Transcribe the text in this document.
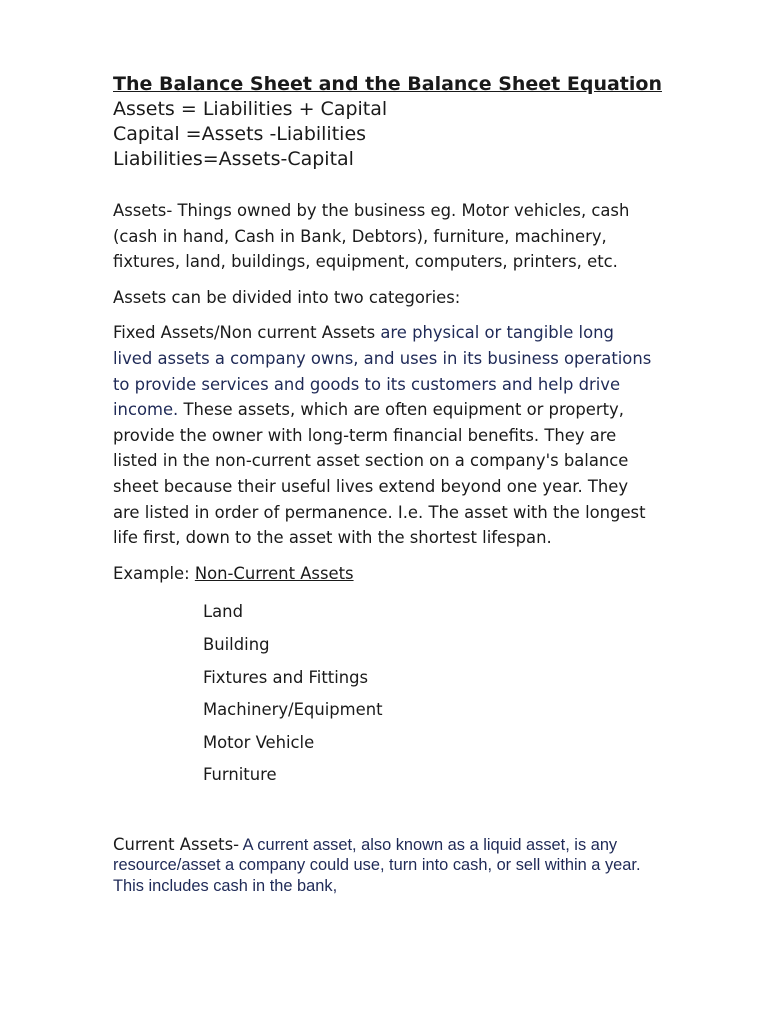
The Balance Sheet and the Balance Sheet Equation

Assets = Liabilities + Capital

Capital =Assets -Liabilities

Liabilities=Assets-Capital

Assets- Things owned by the business eg. Motor vehicles, cash (cash in hand, Cash in Bank, Debtors), furniture, machinery, fixtures, land, buildings, equipment, computers, printers, etc.

Assets can be divided into two categories:

Fixed Assets/Non current Assets are physical or tangible long lived assets a company owns, and uses in its business operations to provide services and goods to its customers and help drive income. These assets, which are often equipment or property, provide the owner with long-term financial benefits. They are listed in the non-current asset section on a company's balance sheet because their useful lives extend beyond one year. They are listed in order of permanence. I.e. The asset with the longest life first, down to the asset with the shortest lifespan.

Example: Non-Current Assets

Land
Building
Fixtures and Fittings
Machinery/Equipment
Motor Vehicle
Furniture

Current Assets- A current asset, also known as a liquid asset, is any resource/asset a company could use, turn into cash, or sell within a year. This includes cash in the bank,
